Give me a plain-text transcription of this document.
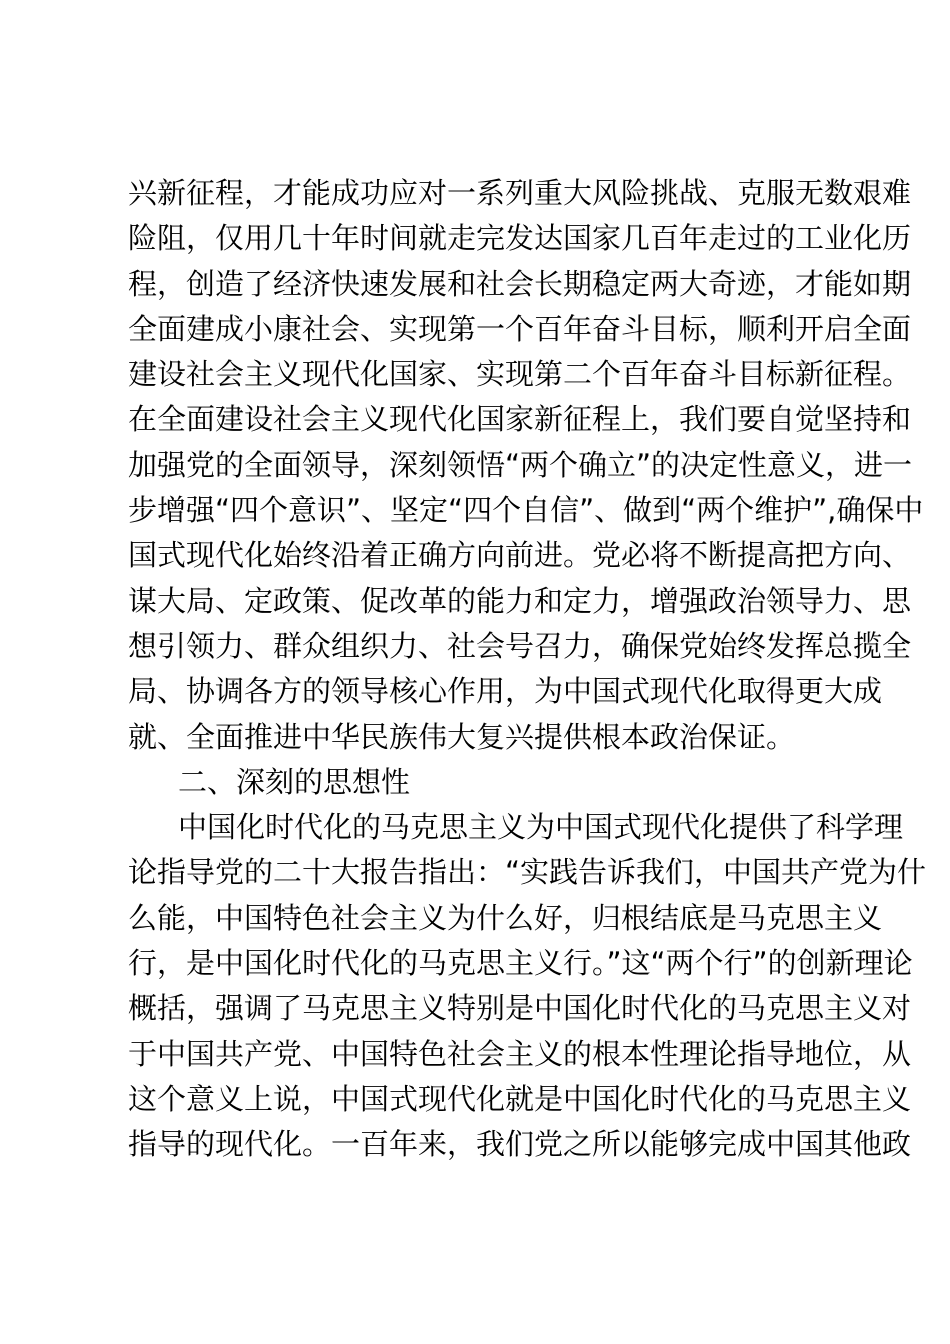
兴新征程，才能成功应对一系列重大风险挑战、克服无数艰难
险阻，仅用几十年时间就走完发达国家几百年走过的工业化历
程，创造了经济快速发展和社会长期稳定两大奇迹，才能如期
全面建成小康社会、实现第一个百年奋斗目标，顺利开启全面
建设社会主义现代化国家、实现第二个百年奋斗目标新征程。
在全面建设社会主义现代化国家新征程上，我们要自觉坚持和
加强党的全面领导，深刻领悟“两个确立”的决定性意义，进一
步增强“四个意识”、坚定“四个自信”、做到“两个维护”,确保中
国式现代化始终沿着正确方向前进。党必将不断提高把方向、
谋大局、定政策、促改革的能力和定力，增强政治领导力、思
想引领力、群众组织力、社会号召力，确保党始终发挥总揽全
局、协调各方的领导核心作用，为中国式现代化取得更大成
就、全面推进中华民族伟大复兴提供根本政治保证。
二、深刻的思想性
中国化时代化的马克思主义为中国式现代化提供了科学理
论指导党的二十大报告指出：“实践告诉我们，中国共产党为什
么能，中国特色社会主义为什么好，归根结底是马克思主义
行，是中国化时代化的马克思主义行。”这“两个行”的创新理论
概括，强调了马克思主义特别是中国化时代化的马克思主义对
于中国共产党、中国特色社会主义的根本性理论指导地位，从
这个意义上说，中国式现代化就是中国化时代化的马克思主义
指导的现代化。一百年来，我们党之所以能够完成中国其他政
